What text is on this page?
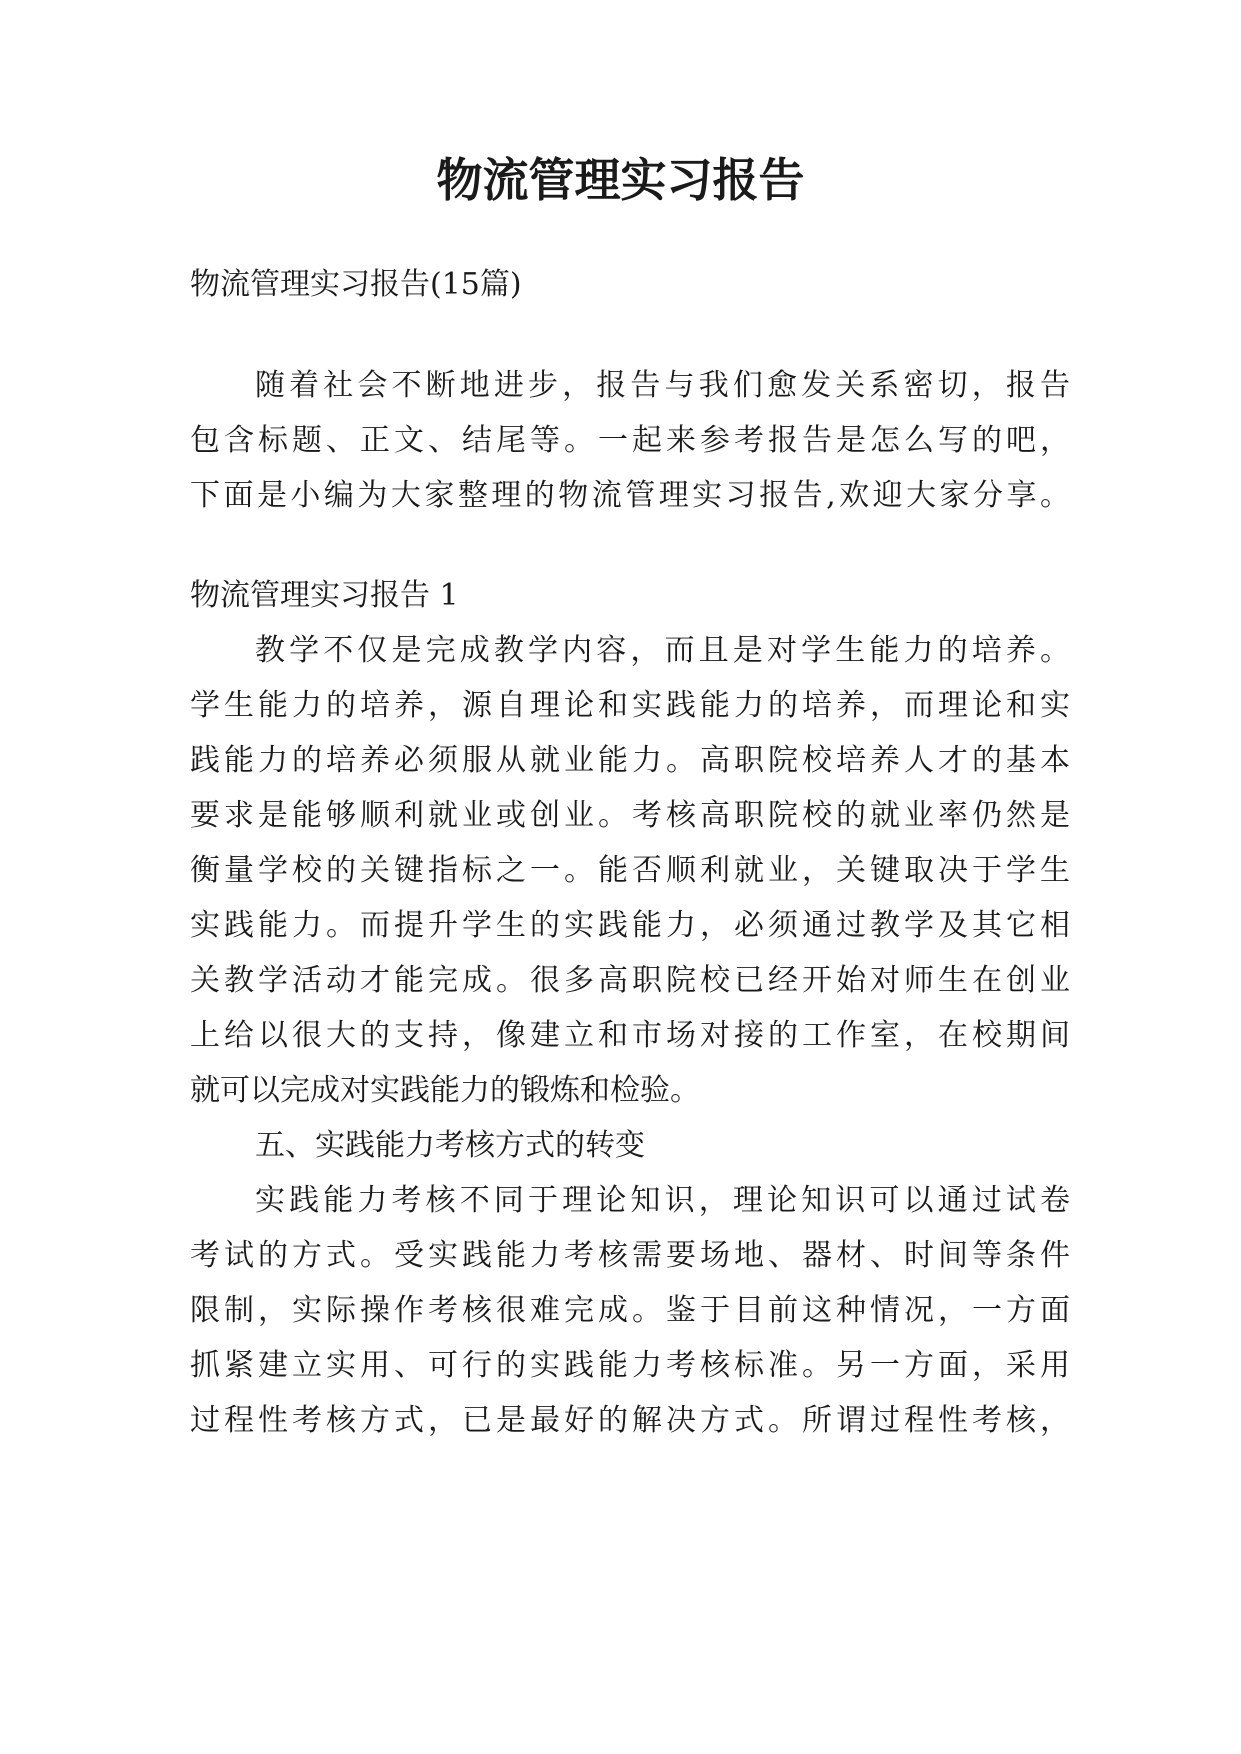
物流管理实习报告
物流管理实习报告(15篇)
随着社会不断地进步，报告与我们愈发关系密切，报告
包含标题、正文、结尾等。一起来参考报告是怎么写的吧，
下面是小编为大家整理的物流管理实习报告,欢迎大家分享。
物流管理实习报告 1
教学不仅是完成教学内容，而且是对学生能力的培养。
学生能力的培养，源自理论和实践能力的培养，而理论和实
践能力的培养必须服从就业能力。高职院校培养人才的基本
要求是能够顺利就业或创业。考核高职院校的就业率仍然是
衡量学校的关键指标之一。能否顺利就业，关键取决于学生
实践能力。而提升学生的实践能力，必须通过教学及其它相
关教学活动才能完成。很多高职院校已经开始对师生在创业
上给以很大的支持，像建立和市场对接的工作室，在校期间
就可以完成对实践能力的锻炼和检验。
五、实践能力考核方式的转变
实践能力考核不同于理论知识，理论知识可以通过试卷
考试的方式。受实践能力考核需要场地、器材、时间等条件
限制，实际操作考核很难完成。鉴于目前这种情况，一方面
抓紧建立实用、可行的实践能力考核标准。另一方面，采用
过程性考核方式，已是最好的解决方式。所谓过程性考核，
